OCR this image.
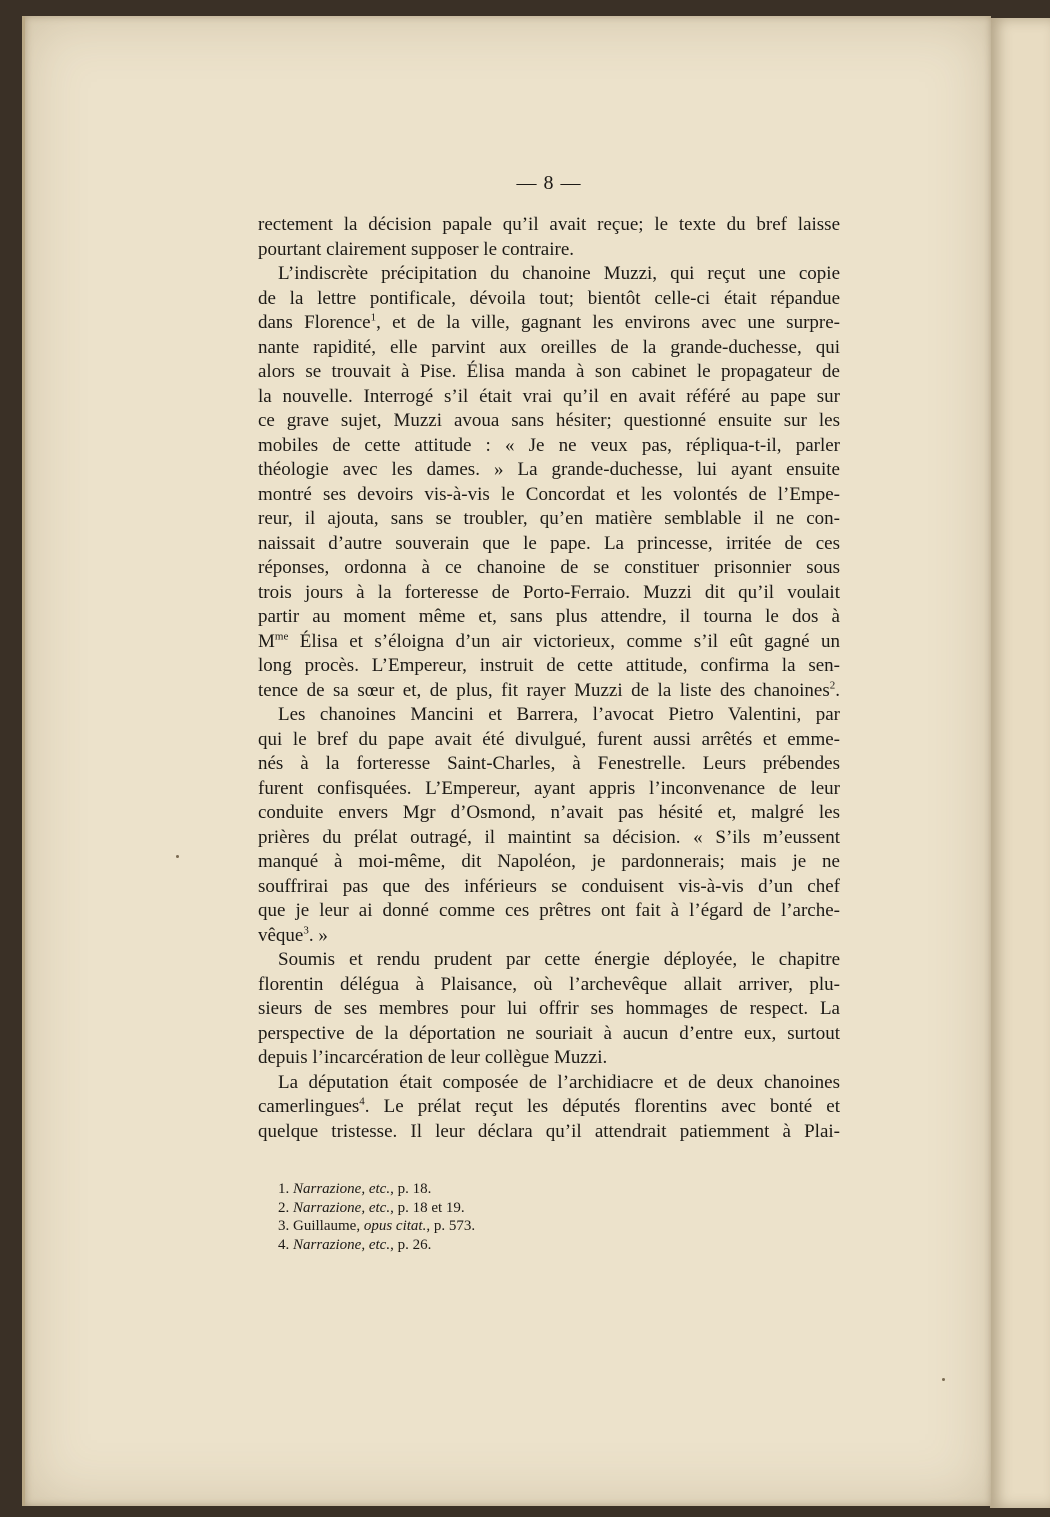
— 8 —
rectement la décision papale qu’il avait reçue; le texte du bref laisse
pourtant clairement supposer le contraire.
L’indiscrète précipitation du chanoine Muzzi, qui reçut une copie
de la lettre pontificale, dévoila tout; bientôt celle-ci était répandue
dans Florence$^1$, et de la ville, gagnant les environs avec une surpre-
nante rapidité, elle parvint aux oreilles de la grande-duchesse, qui
alors se trouvait à Pise. Élisa manda à son cabinet le propagateur de
la nouvelle. Interrogé s’il était vrai qu’il en avait référé au pape sur
ce grave sujet, Muzzi avoua sans hésiter; questionné ensuite sur les
mobiles de cette attitude : « Je ne veux pas, répliqua-t-il, parler
théologie avec les dames. » La grande-duchesse, lui ayant ensuite
montré ses devoirs vis-à-vis le Concordat et les volontés de l’Empe-
reur, il ajouta, sans se troubler, qu’en matière semblable il ne con-
naissait d’autre souverain que le pape. La princesse, irritée de ces
réponses, ordonna à ce chanoine de se constituer prisonnier sous
trois jours à la forteresse de Porto-Ferraio. Muzzi dit qu’il voulait
partir au moment même et, sans plus attendre, il tourna le dos à
$M^{me}$ Élisa et s’éloigna d’un air victorieux, comme s’il eût gagné un
long procès. L’Empereur, instruit de cette attitude, confirma la sen-
tence de sa sœur et, de plus, fit rayer Muzzi de la liste des chanoines$^2$.
Les chanoines Mancini et Barrera, l’avocat Pietro Valentini, par
qui le bref du pape avait été divulgué, furent aussi arrêtés et emme-
nés à la forteresse Saint-Charles, à Fenestrelle. Leurs prébendes
furent confisquées. L’Empereur, ayant appris l’inconvenance de leur
conduite envers Mgr d’Osmond, n’avait pas hésité et, malgré les
prières du prélat outragé, il maintint sa décision. « S’ils m’eussent
manqué à moi-même, dit Napoléon, je pardonnerais; mais je ne
souffrirai pas que des inférieurs se conduisent vis-à-vis d’un chef
que je leur ai donné comme ces prêtres ont fait à l’égard de l’arche-
vêque$^3$. »
Soumis et rendu prudent par cette énergie déployée, le chapitre
florentin délégua à Plaisance, où l’archevêque allait arriver, plu-
sieurs de ses membres pour lui offrir ses hommages de respect. La
perspective de la déportation ne souriait à aucun d’entre eux, surtout
depuis l’incarcération de leur collègue Muzzi.
La députation était composée de l’archidiacre et de deux chanoines
camerlingues$^4$. Le prélat reçut les députés florentins avec bonté et
quelque tristesse. Il leur déclara qu’il attendrait patiemment à Plai-
1. Narrazione, etc., p. 18.
2. Narrazione, etc., p. 18 et 19.
3. Guillaume, opus citat., p. 573.
4. Narrazione, etc., p. 26.
